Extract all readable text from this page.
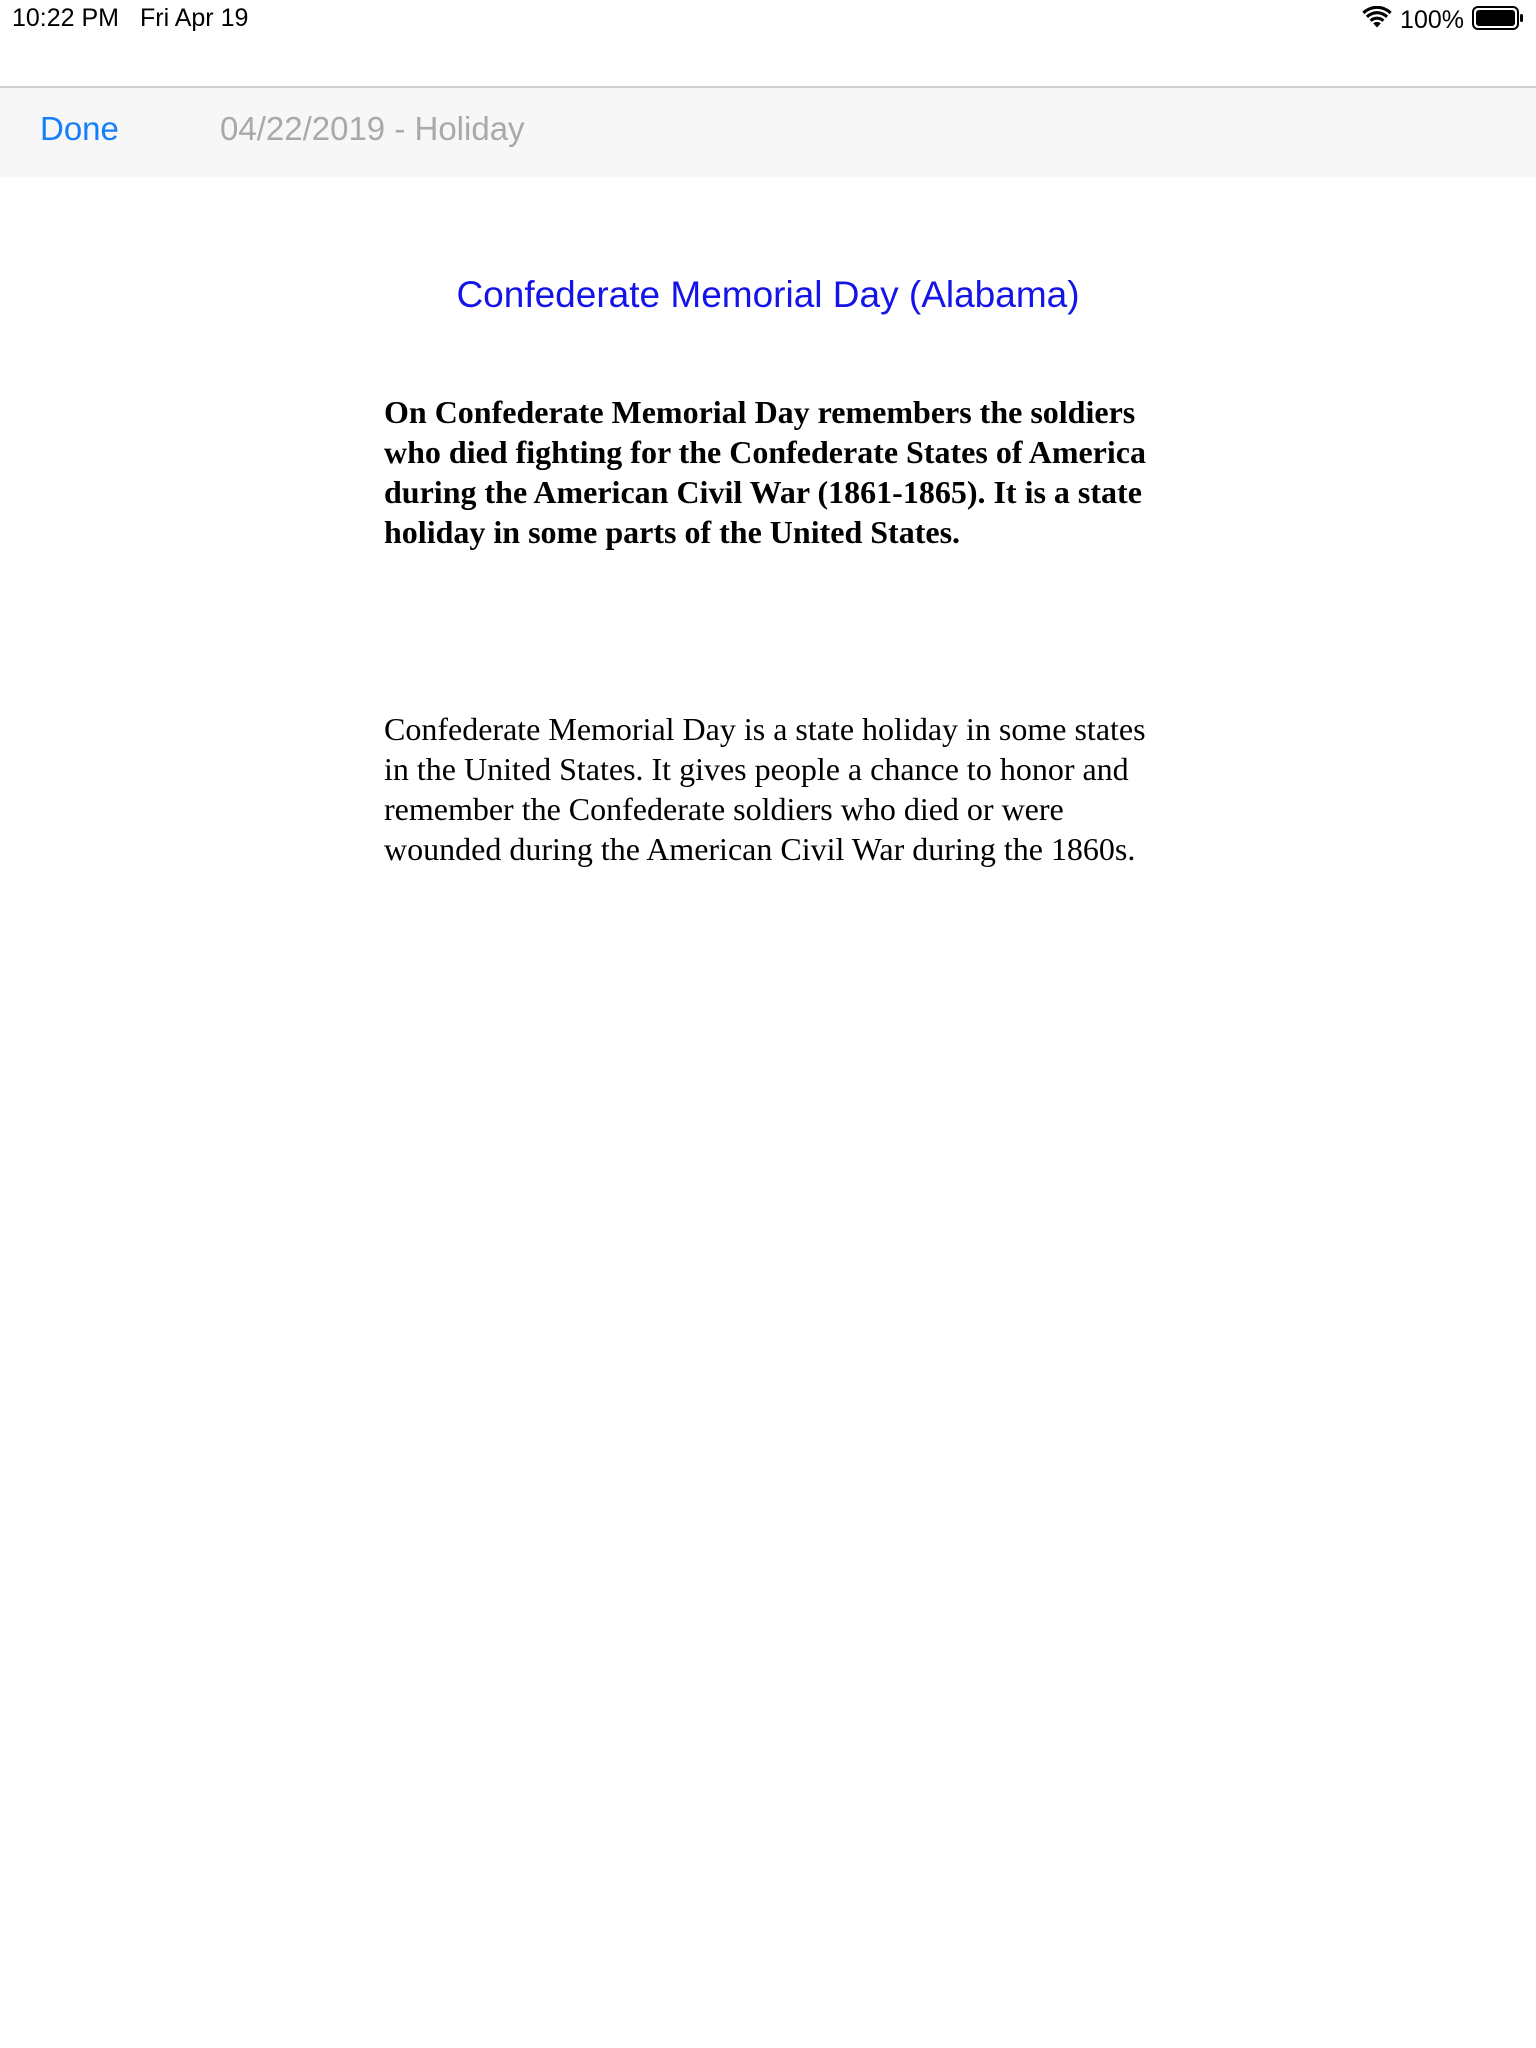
10:22 PM Fri Apr 19	100%
Done	04/22/2019 - Holiday
Confederate Memorial Day (Alabama)

On Confederate Memorial Day remembers the soldiers who died fighting for the Confederate States of America during the American Civil War (1861-1865). It is a state holiday in some parts of the United States.

Confederate Memorial Day is a state holiday in some states in the United States. It gives people a chance to honor and remember the Confederate soldiers who died or were wounded during the American Civil War during the 1860s.
